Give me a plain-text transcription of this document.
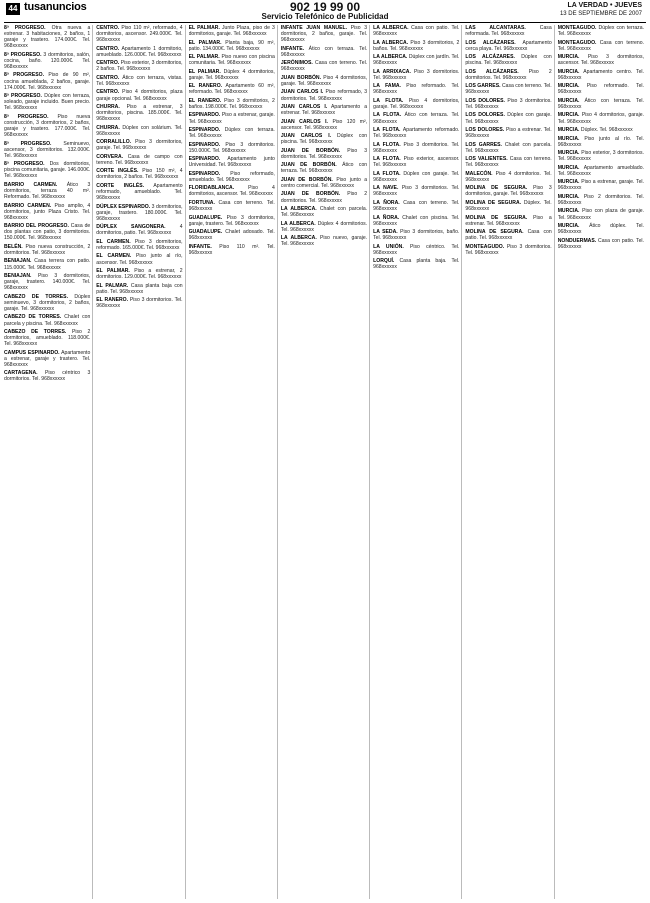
44 tusanuncios	902 19 99 00
Servicio Telefónico de Publicidad
LA VERDAD • JUEVES
13 DE SEPTIEMBRE DE 2007
8ª PROGRESO. Otra nueva a estrenar. 3 habitaciones, 2 baños, 1 garaje y trastero. 174.000€. Tel. 968xxxxxx
8ª PROGRESO. 3 dormitorios, salón, cocina, baño. 120.000€. Tel. 968xxxxxx
8ª PROGRESO. Piso de 90 m², cocina amueblada, 2 baños, garaje. 174.000€. Tel. 968xxxxxx
8ª PROGRESO. Dúplex con terraza, soleado, garaje incluido. Buen precio. Tel. 968xxxxxx
8ª PROGRESO. Piso nueva construcción, 3 dormitorios, 2 baños, garaje y trastero. 177.000€. Tel. 968xxxxxx
8ª PROGRESO. Seminuevo, ascensor, 3 dormitorios. 132.000€. Tel. 968xxxxxx
8ª PROGRESO. Dos dormitorios, piscina comunitaria, garaje. 146.000€. Tel. 968xxxxxx
BARRIO CARMEN. Ático 3 dormitorios, terraza 40 m². Reformado. Tel. 968xxxxxx
BARRIO CARMEN. Piso amplio, 4 dormitorios, junto Plaza Cristo. Tel. 968xxxxxx
BARRIO DEL PROGRESO. Casa de dos plantas con patio, 3 dormitorios. 150.000€. Tel. 968xxxxxx
BELÉN. Piso nueva construcción, 2 dormitorios. Tel. 968xxxxxx
BENIAJAN. Casa terrera con patio. 115.000€. Tel. 968xxxxxx
BENIAJAN. Piso 3 dormitorios, garaje, trastero. 140.000€. Tel. 968xxxxxx
CABEZO DE TORRES. Dúplex seminuevo, 3 dormitorios, 2 baños, garaje. Tel. 968xxxxxx
CABEZO DE TORRES. Chalet con parcela y piscina. Tel. 968xxxxxx
CABEZO DE TORRES. Piso 2 dormitorios, amueblado. 118.000€. Tel. 968xxxxxx
CAMPUS ESPINARDO. Apartamento a estrenar, garaje y trastero. Tel. 968xxxxxx
CARTAGENA. Piso céntrico 3 dormitorios. Tel. 968xxxxxx
CENTRO. Piso 110 m², reformado, 4 dormitorios, ascensor. 249.000€. Tel. 968xxxxxx
CENTRO. Apartamento 1 dormitorio, amueblado. 126.000€. Tel. 968xxxxxx
CENTRO. Piso exterior, 3 dormitorios, 2 baños. Tel. 968xxxxxx
CENTRO. Ático con terraza, vistas. Tel. 968xxxxxx
CENTRO. Piso 4 dormitorios, plaza garaje opcional. Tel. 968xxxxxx
CHURRA. Piso a estrenar, 3 dormitorios, piscina. 185.000€. Tel. 968xxxxxx
CHURRA. Dúplex con solárium. Tel. 968xxxxxx
CORRALILLO. Piso 3 dormitorios, garaje. Tel. 968xxxxxx
CORVERA. Casa de campo con terreno. Tel. 968xxxxxx
CORTE INGLÉS. Piso 150 m², 4 dormitorios, 2 baños. Tel. 968xxxxxx
CORTE INGLÉS. Apartamento reformado, amueblado. Tel. 968xxxxxx
DÚPLEX ESPINARDO. 3 dormitorios, garaje, trastero. 180.000€. Tel. 968xxxxxx
DÚPLEX SANGONERA.	4 dormitorios, patio. Tel. 968xxxxxx
EL CARMEN. Piso 3 dormitorios, reformado. 165.000€. Tel. 968xxxxxx
EL CARMEN. Piso junto al río, ascensor. Tel. 968xxxxxx
EL PALMAR. Piso a estrenar, 2 dormitorios. 129.000€. Tel. 968xxxxxx
EL PALMAR. Casa planta baja con patio. Tel. 968xxxxxx
EL RANERO. Piso 3 dormitorios. Tel. 968xxxxxx
EL PALMAR. Junto Plaza, piso de 3 dormitorios, garaje. Tel. 968xxxxxx
EL PALMAR. Planta baja, 90 m², patio. 134.000€. Tel. 968xxxxxx
EL PALMAR. Piso nuevo con piscina comunitaria. Tel. 968xxxxxx
EL PALMAR. Dúplex 4 dormitorios, garaje. Tel. 968xxxxxx
EL RANERO. Apartamento 60 m², reformado. Tel. 968xxxxxx
EL RANERO. Piso 3 dormitorios, 2 baños. 198.000€. Tel. 968xxxxxx
ESPINARDO. Piso a estrenar, garaje. Tel. 968xxxxxx
ESPINARDO. Dúplex con terraza. Tel. 968xxxxxx
ESPINARDO. Piso 3 dormitorios. 150.000€. Tel. 968xxxxxx
ESPINARDO. Apartamento junto Universidad. Tel. 968xxxxxx
ESPINARDO. Piso reformado, amueblado. Tel. 968xxxxxx
FLORIDABLANCA.	Piso 4 dormitorios, ascensor. Tel. 968xxxxxx
FORTUNA. Casa con terreno. Tel. 968xxxxxx
GUADALUPE. Piso 3 dormitorios, garaje, trastero. Tel. 968xxxxxx
GUADALUPE. Chalet adosado. Tel. 968xxxxxx
INFANTE. Piso 110 m². Tel. 968xxxxxx
INFANTE JUAN MANUEL. Piso 3 dormitorios, 2 baños, garaje. Tel. 968xxxxxx
INFANTE. Ático con terraza. Tel. 968xxxxxx
JERÓNIMOS. Casa con terreno. Tel. 968xxxxxx
JUAN BORBÓN. Piso 4 dormitorios, garaje. Tel. 968xxxxxx
JUAN CARLOS I. Piso reformado, 3 dormitorios. Tel. 968xxxxxx
JUAN CARLOS I. Apartamento a estrenar. Tel. 968xxxxxx
JUAN CARLOS I. Piso 120 m², ascensor. Tel. 968xxxxxx
JUAN CARLOS I. Dúplex con piscina. Tel. 968xxxxxx
JUAN DE BORBÓN. Piso 3 dormitorios. Tel. 968xxxxxx
JUAN DE BORBÓN. Ático con terraza. Tel. 968xxxxxx
JUAN DE BORBÓN. Piso junto a centro comercial. Tel. 968xxxxxx
JUAN DE BORBÓN. Piso 2 dormitorios. Tel. 968xxxxxx
LA ALBERCA. Chalet con parcela. Tel. 968xxxxxx
LA ALBERCA. Dúplex 4 dormitorios. Tel. 968xxxxxx
LA ALBERCA. Piso nuevo, garaje. Tel. 968xxxxxx
LA ALBERCA. Casa con patio. Tel. 968xxxxxx
LA ALBERCA. Piso 3 dormitorios, 2 baños. Tel. 968xxxxxx
LA ALBERCA. Dúplex con jardín. Tel. 968xxxxxx
LA ARRIXACA. Piso 3 dormitorios. Tel. 968xxxxxx
LA FAMA. Piso reformado. Tel. 968xxxxxx
LA FLOTA. Piso 4 dormitorios, garaje. Tel. 968xxxxxx
LA FLOTA. Ático con terraza. Tel. 968xxxxxx
LA FLOTA. Apartamento reformado. Tel. 968xxxxxx
LA FLOTA. Piso 3 dormitorios. Tel. 968xxxxxx
LA FLOTA. Piso exterior, ascensor. Tel. 968xxxxxx
LA FLOTA. Dúplex con garaje. Tel. 968xxxxxx
LA NAVE. Piso 3 dormitorios. Tel. 968xxxxxx
LA ÑORA. Casa con terreno. Tel. 968xxxxxx
LA ÑORA. Chalet con piscina. Tel. 968xxxxxx
LA SEDA. Piso 3 dormitorios, baño. Tel. 968xxxxxx
LA UNIÓN. Piso céntrico. Tel. 968xxxxxx
LORQUÍ. Casa planta baja. Tel. 968xxxxxx
LAS ALCÁNTARAS.	Casa reformada. Tel. 968xxxxxx
LOS ALCÁZARES. Apartamento cerca playa. Tel. 968xxxxxx
LOS ALCÁZARES. Dúplex con piscina. Tel. 968xxxxxx
LOS ALCÁZARES. Piso 2 dormitorios. Tel. 968xxxxxx
LOS GARRES. Casa con terreno. Tel. 968xxxxxx
LOS DOLORES. Piso 3 dormitorios. Tel. 968xxxxxx
LOS DOLORES. Dúplex con garaje. Tel. 968xxxxxx
LOS DOLORES. Piso a estrenar. Tel. 968xxxxxx
LOS GARRES. Chalet con parcela. Tel. 968xxxxxx
LOS VALIENTES. Casa con terreno. Tel. 968xxxxxx
MALECÓN. Piso 4 dormitorios. Tel. 968xxxxxx
MOLINA DE SEGURA. Piso 3 dormitorios, garaje. Tel. 968xxxxxx
MOLINA DE SEGURA. Dúplex. Tel. 968xxxxxx
MOLINA DE SEGURA. Piso a estrenar. Tel. 968xxxxxx
MOLINA DE SEGURA. Casa con patio. Tel. 968xxxxxx
MONTEAGUDO. Piso 3 dormitorios. Tel. 968xxxxxx
MONTEAGUDO. Dúplex con terraza. Tel. 968xxxxxx
MONTEAGUDO. Casa con terreno. Tel. 968xxxxxx
MURCIA. Piso 3 dormitorios, ascensor. Tel. 968xxxxxx
MURCIA. Apartamento centro. Tel. 968xxxxxx
MURCIA. Piso reformado. Tel. 968xxxxxx
MURCIA. Ático con terraza. Tel. 968xxxxxx
MURCIA. Piso 4 dormitorios, garaje. Tel. 968xxxxxx
MURCIA. Dúplex. Tel. 968xxxxxx
MURCIA. Piso junto al río. Tel. 968xxxxxx
MURCIA. Piso exterior, 3 dormitorios. Tel. 968xxxxxx
MURCIA. Apartamento amueblado. Tel. 968xxxxxx
MURCIA. Piso a estrenar, garaje. Tel. 968xxxxxx
MURCIA. Piso 2 dormitorios. Tel. 968xxxxxx
MURCIA. Piso con plaza de garaje. Tel. 968xxxxxx
MURCIA. Ático dúplex. Tel. 968xxxxxx
NONDUERMAS. Casa con patio. Tel. 968xxxxxx
